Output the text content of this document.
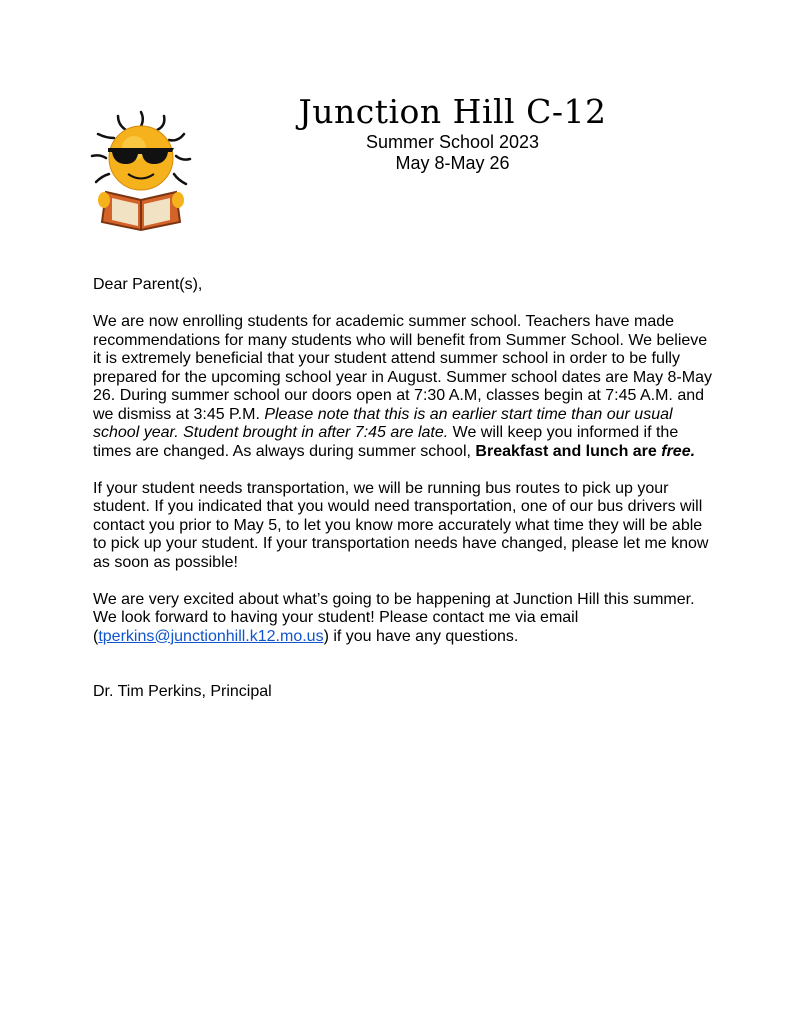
Junction Hill C-12
Summer School 2023
May 8-May 26

Dear Parent(s),

We are now enrolling students for academic summer school. Teachers have made recommendations for many students who will benefit from Summer School. We believe it is extremely beneficial that your student attend summer school in order to be fully prepared for the upcoming school year in August. Summer school dates are May 8-May 26. During summer school our doors open at 7:30 A.M, classes begin at 7:45 A.M. and we dismiss at 3:45 P.M. Please note that this is an earlier start time than our usual school year. Student brought in after 7:45 are late. We will keep you informed if the times are changed. As always during summer school, Breakfast and lunch are free.

If your student needs transportation, we will be running bus routes to pick up your student. If you indicated that you would need transportation, one of our bus drivers will contact you prior to May 5, to let you know more accurately what time they will be able to pick up your student. If your transportation needs have changed, please let me know as soon as possible!

We are very excited about what’s going to be happening at Junction Hill this summer. We look forward to having your student! Please contact me via email (tperkins@junctionhill.k12.mo.us) if you have any questions.

Dr. Tim Perkins, Principal
